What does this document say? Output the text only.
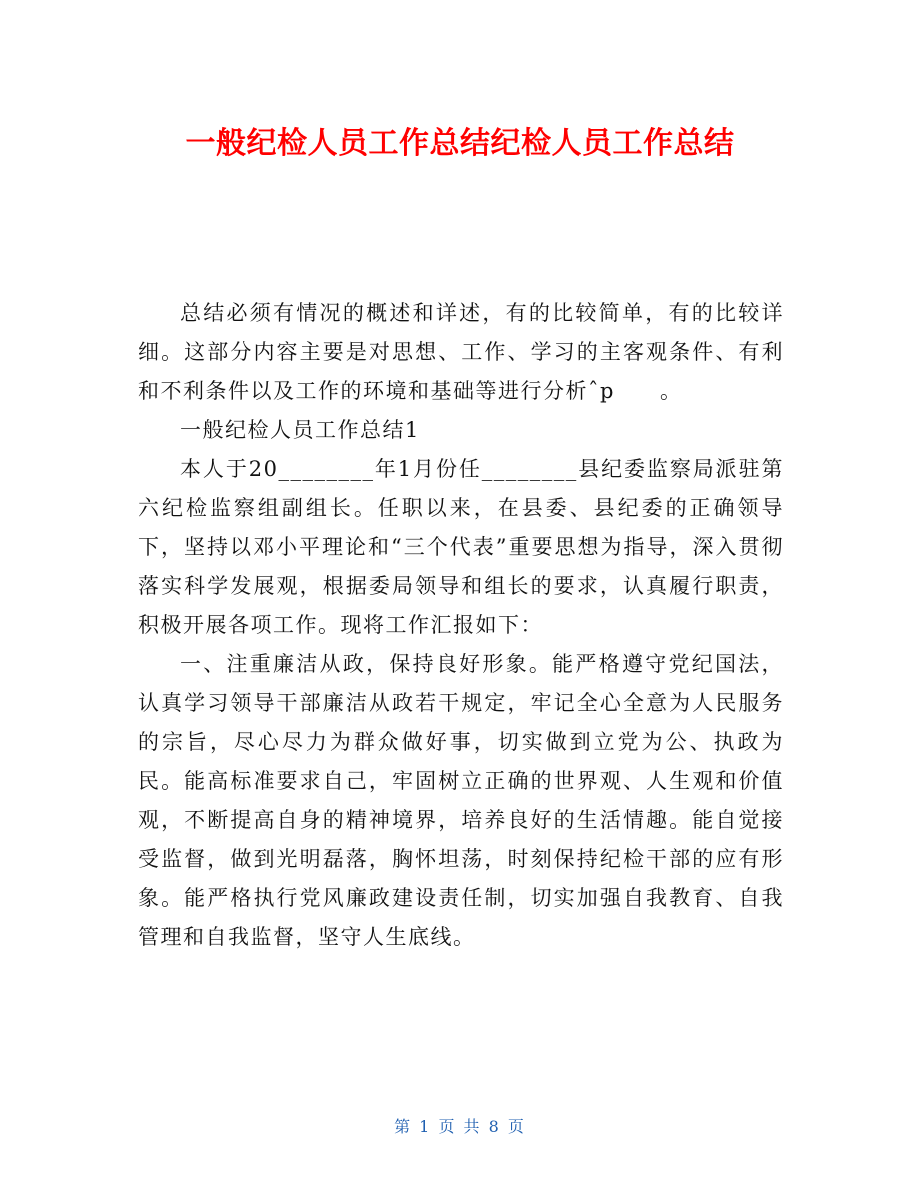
一般纪检人员工作总结纪检人员工作总结

总结必须有情况的概述和详述，有的比较简单，有的比较详细。这部分内容主要是对思想、工作、学习的主客观条件、有利和不利条件以及工作的环境和基础等进行分析ˆp　　。

一般纪检人员工作总结1

本人于20________年1月份任________县纪委监察局派驻第六纪检监察组副组长。任职以来，在县委、县纪委的正确领导下，坚持以邓小平理论和“三个代表”重要思想为指导，深入贯彻落实科学发展观，根据委局领导和组长的要求，认真履行职责，积极开展各项工作。现将工作汇报如下：

一、注重廉洁从政，保持良好形象。能严格遵守党纪国法，认真学习领导干部廉洁从政若干规定，牢记全心全意为人民服务的宗旨，尽心尽力为群众做好事，切实做到立党为公、执政为民。能高标准要求自己，牢固树立正确的世界观、人生观和价值观，不断提高自身的精神境界，培养良好的生活情趣。能自觉接受监督，做到光明磊落，胸怀坦荡，时刻保持纪检干部的应有形象。能严格执行党风廉政建设责任制，切实加强自我教育、自我管理和自我监督，坚守人生底线。

第 1 页 共 8 页
